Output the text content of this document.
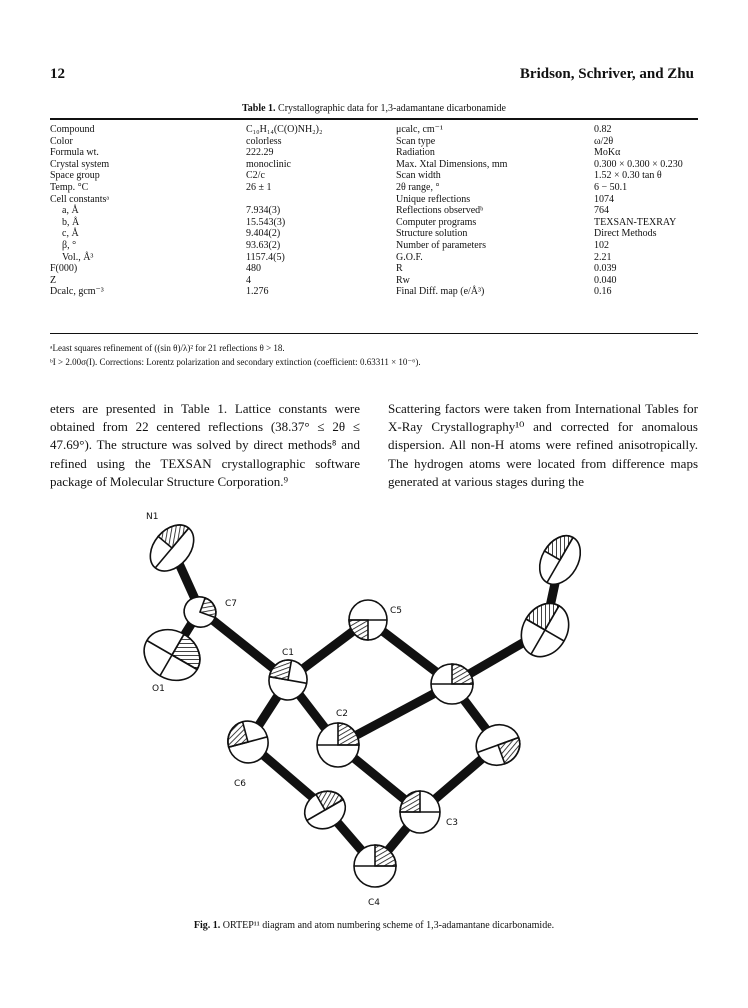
12	Bridson, Schriver, and Zhu
Table 1. Crystallographic data for 1,3-adamantane dicarbonamide
Compound	C₁₀H₁₄(C(O)NH₂)₂	μcalc, cm⁻¹	0.82
Color	colorless	Scan type	ω/2θ
Formula wt.	222.29	Radiation	MoKα
Crystal system	monoclinic	Max. Xtal Dimensions, mm	0.300 × 0.300 × 0.230
Space group	C2/c	Scan width	1.52 × 0.30 tan θ
Temp. °C	26 ± 1	2θ range, °	6 − 50.1
Cell constantsᵃ		Unique reflections	1074
a, Å	7.934(3)	Reflections observedᵇ	764
b, Å	15.543(3)	Computer programs	TEXSAN-TEXRAY
c, Å	9.404(2)	Structure solution	Direct Methods
β, °	93.63(2)	Number of parameters	102
Vol., Å³	1157.4(5)	G.O.F.	2.21
F(000)	480	R	0.039
Z	4	Rw	0.040
Dcalc, gcm⁻³	1.276	Final Diff. map (e/Å³)	0.16
ᵃLeast squares refinement of ((sin θ)/λ)² for 21 reflections θ > 18.
ᵇI > 2.00σ(I). Corrections: Lorentz polarization and secondary extinction (coefficient: 0.63311 × 10⁻⁶).
eters are presented in Table 1. Lattice constants were obtained from 22 centered reflections (38.37° ≤ 2θ ≤ 47.69°). The structure was solved by direct methods⁸ and refined using the TEXSAN crystallographic software package of Molecular Structure Corporation.⁹
Scattering factors were taken from International Tables for X-Ray Crystallography¹⁰ and corrected for anomalous dispersion. All non-H atoms were refined anisotropically. The hydrogen atoms were located from difference maps generated at various stages during the
N1
C7
O1
C1
C5
C2
C6
C3
C4
Fig. 1. ORTEP¹¹ diagram and atom numbering scheme of 1,3-adamantane dicarbonamide.
